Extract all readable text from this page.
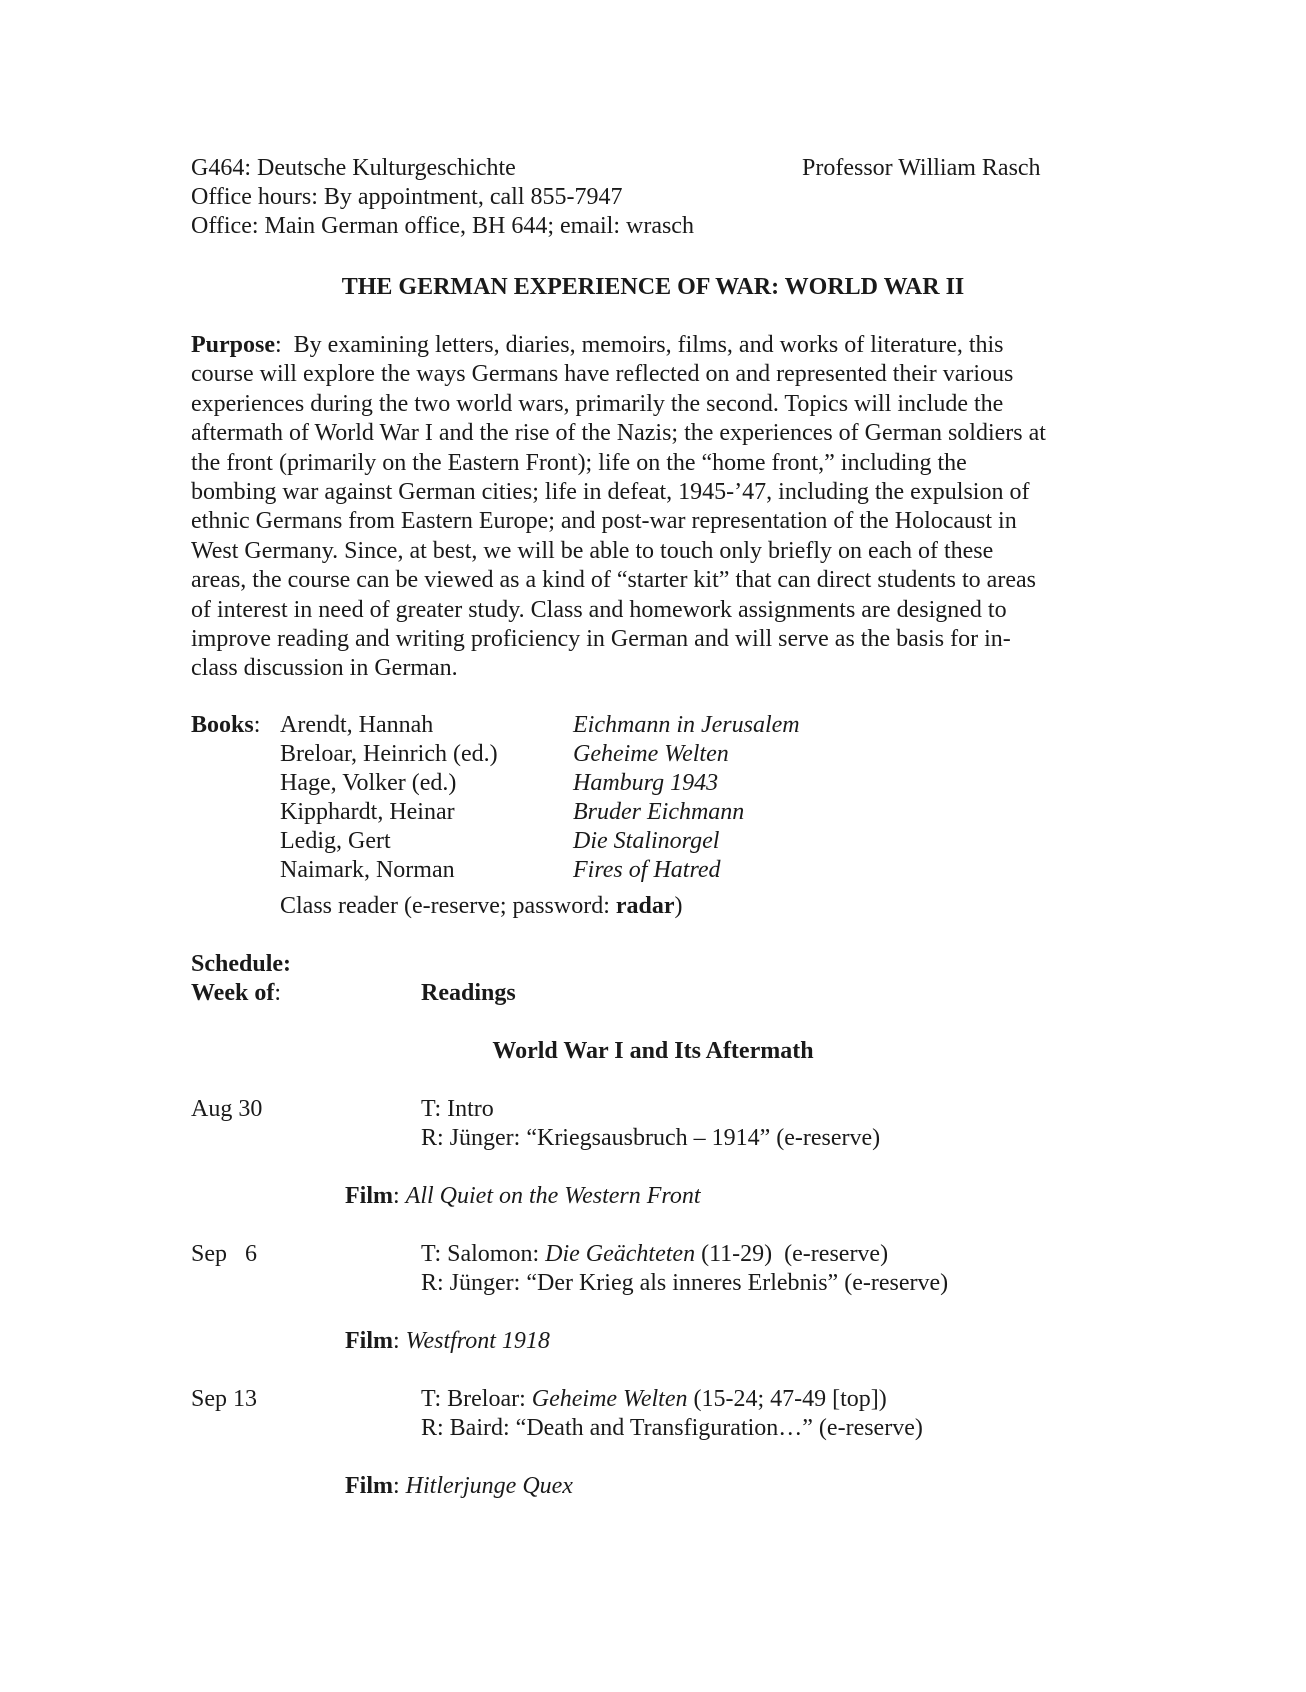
G464: Deutsche Kulturgeschichte	Professor William Rasch
Office hours: By appointment, call 855-7947
Office: Main German office, BH 644; email: wrasch
THE GERMAN EXPERIENCE OF WAR: WORLD WAR II
Purpose:  By examining letters, diaries, memoirs, films, and works of literature, this
course will explore the ways Germans have reflected on and represented their various
experiences during the two world wars, primarily the second. Topics will include the
aftermath of World War I and the rise of the Nazis; the experiences of German soldiers at
the front (primarily on the Eastern Front); life on the “home front,” including the
bombing war against German cities; life in defeat, 1945-’47, including the expulsion of
ethnic Germans from Eastern Europe; and post-war representation of the Holocaust in
West Germany. Since, at best, we will be able to touch only briefly on each of these
areas, the course can be viewed as a kind of “starter kit” that can direct students to areas
of interest in need of greater study. Class and homework assignments are designed to
improve reading and writing proficiency in German and will serve as the basis for in-
class discussion in German.
Books: Arendt, Hannah	Eichmann in Jerusalem
Breloar, Heinrich (ed.)	Geheime Welten
Hage, Volker (ed.)	Hamburg 1943
Kipphardt, Heinar	Bruder Eichmann
Ledig, Gert	Die Stalinorgel
Naimark, Norman	Fires of Hatred
Class reader (e-reserve; password: radar)
Schedule:
Week of:	Readings
World War I and Its Aftermath
Aug 30	T: Intro
R: Jünger: “Kriegsausbruch – 1914” (e-reserve)
Film: All Quiet on the Western Front
Sep   6	T: Salomon: Die Geächteten (11-29)  (e-reserve)
R: Jünger: “Der Krieg als inneres Erlebnis” (e-reserve)
Film: Westfront 1918
Sep 13	T: Breloar: Geheime Welten (15-24; 47-49 [top])
R: Baird: “Death and Transfiguration…” (e-reserve)
Film: Hitlerjunge Quex
